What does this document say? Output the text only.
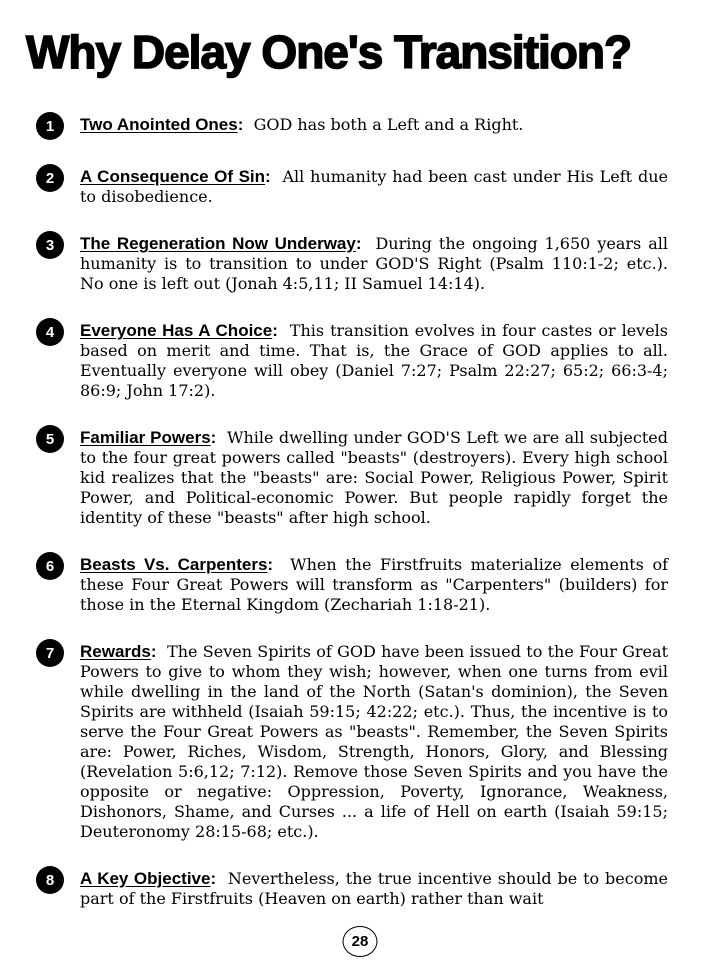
Why Delay One's Transition?
1	Two Anointed Ones:  GOD has both a Left and a Right.

2	A Consequence Of Sin:  All humanity had been cast under His Left due to disobedience.

3	The Regeneration Now Underway:  During the ongoing 1,650 years all humanity is to transition to under GOD'S Right (Psalm 110:1-2; etc.). No one is left out (Jonah 4:5,11; II Samuel 14:14).

4	Everyone Has A Choice:  This transition evolves in four castes or levels based on merit and time. That is, the Grace of GOD applies to all. Eventually everyone will obey (Daniel 7:27; Psalm 22:27; 65:2; 66:3-4; 86:9; John 17:2).

5	Familiar Powers:  While dwelling under GOD'S Left we are all subjected to the four great powers called "beasts" (destroyers). Every high school kid realizes that the "beasts" are: Social Power, Religious Power, Spirit Power, and Political-economic Power. But people rapidly forget the identity of these "beasts" after high school.

6	Beasts Vs. Carpenters:  When the Firstfruits materialize elements of these Four Great Powers will transform as "Carpenters" (builders) for those in the Eternal Kingdom (Zechariah 1:18-21).

7	Rewards:  The Seven Spirits of GOD have been issued to the Four Great Powers to give to whom they wish; however, when one turns from evil while dwelling in the land of the North (Satan's dominion), the Seven Spirits are withheld (Isaiah 59:15; 42:22; etc.). Thus, the incentive is to serve the Four Great Powers as "beasts". Remember, the Seven Spirits are: Power, Riches, Wisdom, Strength, Honors, Glory, and Blessing (Revelation 5:6,12; 7:12). Remove those Seven Spirits and you have the opposite or negative: Oppression, Poverty, Ignorance, Weakness, Dishonors, Shame, and Curses ... a life of Hell on earth (Isaiah 59:15; Deuteronomy 28:15-68; etc.).

8	A Key Objective:  Nevertheless, the true incentive should be to become part of the Firstfruits (Heaven on earth) rather than wait

28
